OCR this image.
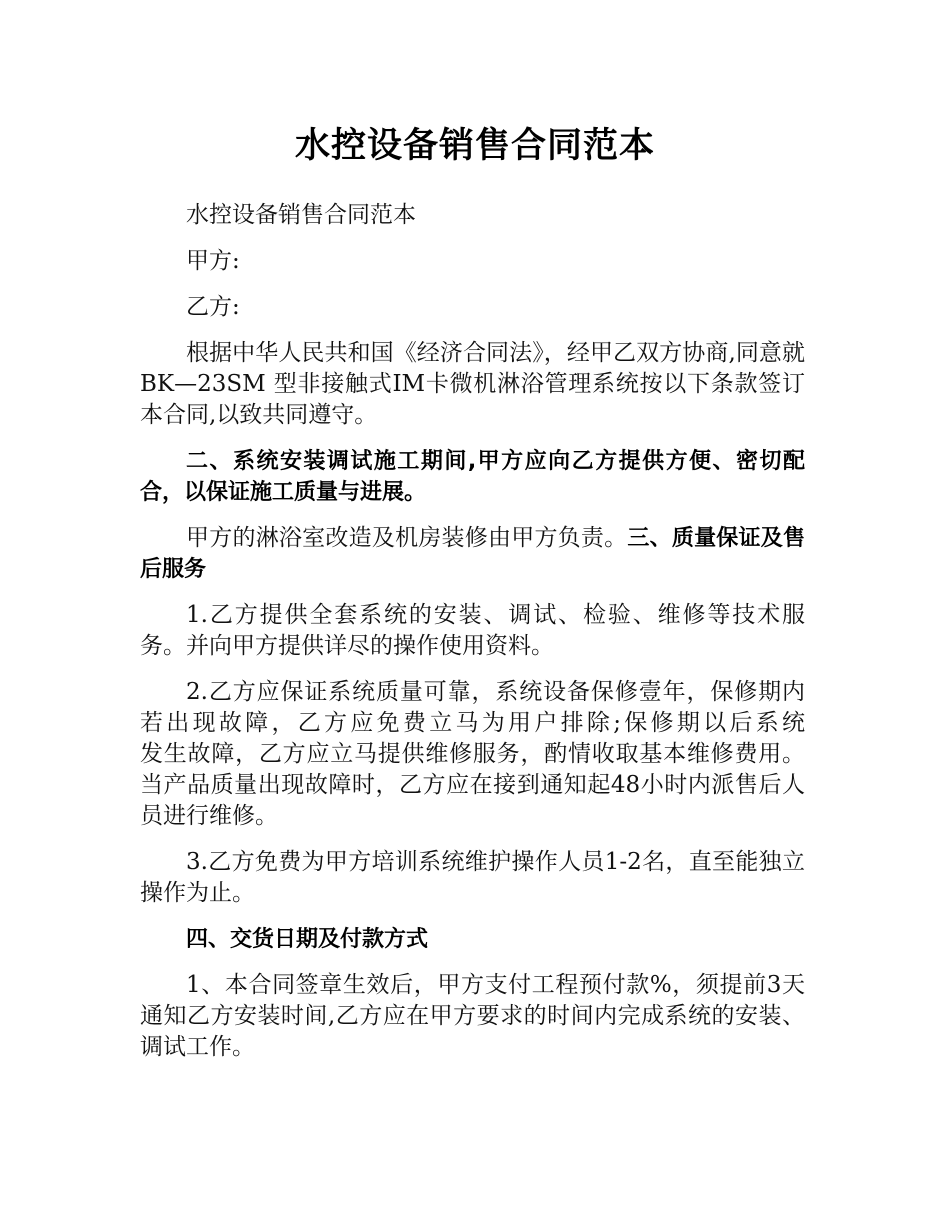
水控设备销售合同范本

水控设备销售合同范本

甲方:

乙方:

根据中华人民共和国《经济合同法》，经甲乙双方协商,同意就BK—23SM 型非接触式IM卡微机淋浴管理系统按以下条款签订本合同,以致共同遵守。

二、系统安装调试施工期间,甲方应向乙方提供方便、密切配合，以保证施工质量与进展。

甲方的淋浴室改造及机房装修由甲方负责。三、质量保证及售后服务

1.乙方提供全套系统的安装、调试、检验、维修等技术服务。并向甲方提供详尽的操作使用资料。

2.乙方应保证系统质量可靠，系统设备保修壹年，保修期内若出现故障，乙方应免费立马为用户排除;保修期以后系统发生故障，乙方应立马提供维修服务，酌情收取基本维修费用。当产品质量出现故障时，乙方应在接到通知起48小时内派售后人员进行维修。

3.乙方免费为甲方培训系统维护操作人员1-2名，直至能独立操作为止。

四、交货日期及付款方式

1、本合同签章生效后，甲方支付工程预付款%，须提前3天通知乙方安装时间,乙方应在甲方要求的时间内完成系统的安装、调试工作。
